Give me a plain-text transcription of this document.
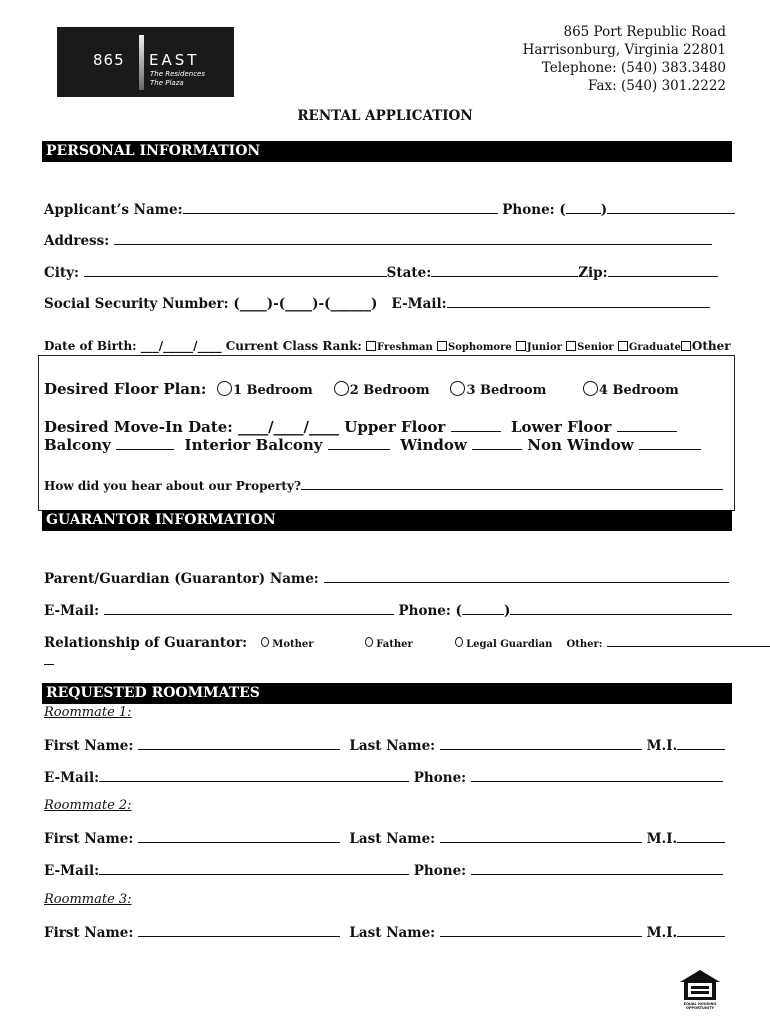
865 EAST
The Residences
The Plaza
865 Port Republic Road
Harrisonburg, Virginia 22801
Telephone: (540) 383.3480
Fax: (540) 301.2222
RENTAL APPLICATION
PERSONAL INFORMATION
Applicant’s Name:	Phone: (	)
Address:
City:	State:	Zip:
Social Security Number: (____)-(____)-(______) E-Mail:
Date of Birth: ___/_____/____ Current Class Rank: Freshman Sophomore Junior Senior Graduate Other
Desired Floor Plan: 1 Bedroom	2 Bedroom	3 Bedroom	4 Bedroom
Desired Move-In Date: ____/____/____ Upper Floor	Lower Floor
Balcony	Interior Balcony	Window	Non Window
How did you hear about our Property?
GUARANTOR INFORMATION
Parent/Guardian (Guarantor) Name:
E-Mail:	Phone: (	)
Relationship of Guarantor:	Mother	Father	Legal Guardian Other:
REQUESTED ROOMMATES
Roommate 1:
First Name:	Last Name:	M.I.
E-Mail:	Phone:
Roommate 2:
First Name:	Last Name:	M.I.
E-Mail:	Phone:
Roommate 3:
First Name:	Last Name:	M.I.
EQUAL HOUSING OPPORTUNITY
